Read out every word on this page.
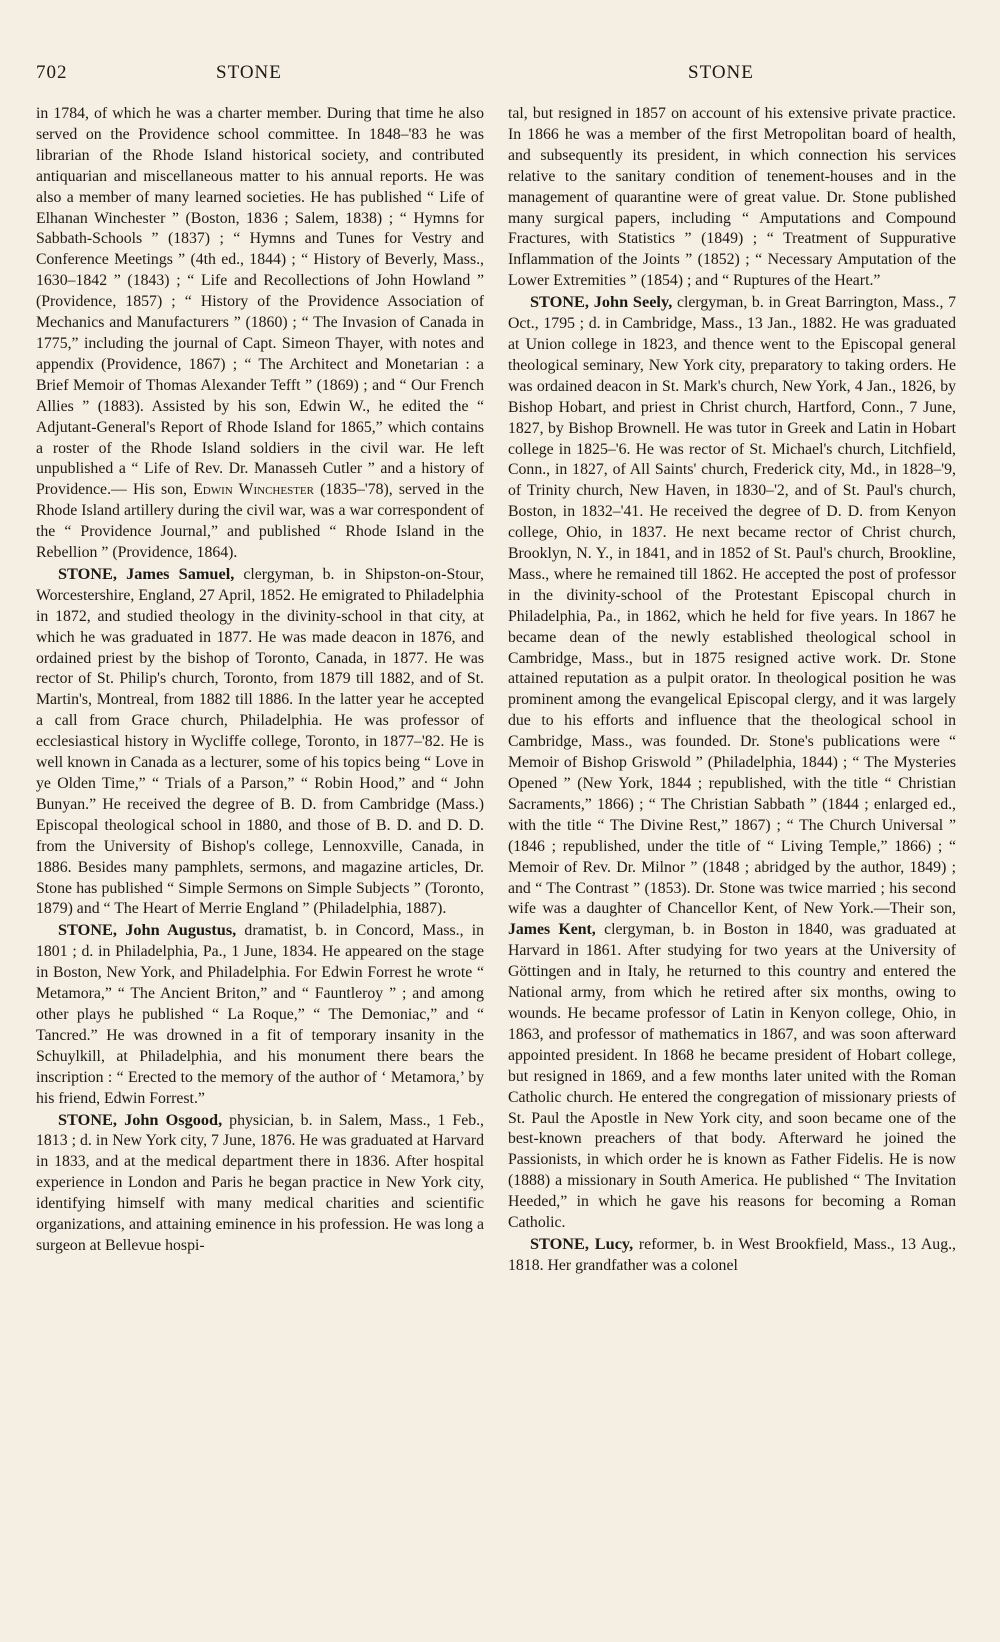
702	STONE	STONE

in 1784, of which he was a charter member. During that time he also served on the Providence school committee. In 1848–'83 he was librarian of the Rhode Island historical society, and contributed antiquarian and miscellaneous matter to his annual reports. He was also a member of many learned societies. He has published “ Life of Elhanan Winchester ” (Boston, 1836 ; Salem, 1838) ; “ Hymns for Sabbath-Schools ” (1837) ; “ Hymns and Tunes for Vestry and Conference Meetings ” (4th ed., 1844) ; “ History of Beverly, Mass., 1630–1842 ” (1843) ; “ Life and Recollections of John Howland ” (Providence, 1857) ; “ History of the Providence Association of Mechanics and Manufacturers ” (1860) ; “ The Invasion of Canada in 1775,” including the journal of Capt. Simeon Thayer, with notes and appendix (Providence, 1867) ; “ The Architect and Monetarian : a Brief Memoir of Thomas Alexander Tefft ” (1869) ; and “ Our French Allies ” (1883). Assisted by his son, Edwin W., he edited the “ Adjutant-General's Report of Rhode Island for 1865,” which contains a roster of the Rhode Island soldiers in the civil war. He left unpublished a “ Life of Rev. Dr. Manasseh Cutler ” and a history of Providence.— His son, Edwin Winchester (1835–'78), served in the Rhode Island artillery during the civil war, was a war correspondent of the “ Providence Journal,” and published “ Rhode Island in the Rebellion ” (Providence, 1864).

STONE, James Samuel, clergyman, b. in Shipston-on-Stour, Worcestershire, England, 27 April, 1852. He emigrated to Philadelphia in 1872, and studied theology in the divinity-school in that city, at which he was graduated in 1877. He was made deacon in 1876, and ordained priest by the bishop of Toronto, Canada, in 1877. He was rector of St. Philip's church, Toronto, from 1879 till 1882, and of St. Martin's, Montreal, from 1882 till 1886. In the latter year he accepted a call from Grace church, Philadelphia. He was professor of ecclesiastical history in Wycliffe college, Toronto, in 1877–'82. He is well known in Canada as a lecturer, some of his topics being “ Love in ye Olden Time,” “ Trials of a Parson,” “ Robin Hood,” and “ John Bunyan.” He received the degree of B. D. from Cambridge (Mass.) Episcopal theological school in 1880, and those of B. D. and D. D. from the University of Bishop's college, Lennoxville, Canada, in 1886. Besides many pamphlets, sermons, and magazine articles, Dr. Stone has published “ Simple Sermons on Simple Subjects ” (Toronto, 1879) and “ The Heart of Merrie England ” (Philadelphia, 1887).

STONE, John Augustus, dramatist, b. in Concord, Mass., in 1801 ; d. in Philadelphia, Pa., 1 June, 1834. He appeared on the stage in Boston, New York, and Philadelphia. For Edwin Forrest he wrote “ Metamora,” “ The Ancient Briton,” and “ Fauntleroy ” ; and among other plays he published “ La Roque,” “ The Demoniac,” and “ Tancred.” He was drowned in a fit of temporary insanity in the Schuylkill, at Philadelphia, and his monument there bears the inscription : “ Erected to the memory of the author of ‘ Metamora,’ by his friend, Edwin Forrest.”

STONE, John Osgood, physician, b. in Salem, Mass., 1 Feb., 1813 ; d. in New York city, 7 June, 1876. He was graduated at Harvard in 1833, and at the medical department there in 1836. After hospital experience in London and Paris he began practice in New York city, identifying himself with many medical charities and scientific organizations, and attaining eminence in his profession. He was long a surgeon at Bellevue hospi-

tal, but resigned in 1857 on account of his extensive private practice. In 1866 he was a member of the first Metropolitan board of health, and subsequently its president, in which connection his services relative to the sanitary condition of tenement-houses and in the management of quarantine were of great value. Dr. Stone published many surgical papers, including “ Amputations and Compound Fractures, with Statistics ” (1849) ; “ Treatment of Suppurative Inflammation of the Joints ” (1852) ; “ Necessary Amputation of the Lower Extremities ” (1854) ; and “ Ruptures of the Heart.”

STONE, John Seely, clergyman, b. in Great Barrington, Mass., 7 Oct., 1795 ; d. in Cambridge, Mass., 13 Jan., 1882. He was graduated at Union college in 1823, and thence went to the Episcopal general theological seminary, New York city, preparatory to taking orders. He was ordained deacon in St. Mark's church, New York, 4 Jan., 1826, by Bishop Hobart, and priest in Christ church, Hartford, Conn., 7 June, 1827, by Bishop Brownell. He was tutor in Greek and Latin in Hobart college in 1825–'6. He was rector of St. Michael's church, Litchfield, Conn., in 1827, of All Saints' church, Frederick city, Md., in 1828–'9, of Trinity church, New Haven, in 1830–'2, and of St. Paul's church, Boston, in 1832–'41. He received the degree of D. D. from Kenyon college, Ohio, in 1837. He next became rector of Christ church, Brooklyn, N. Y., in 1841, and in 1852 of St. Paul's church, Brookline, Mass., where he remained till 1862. He accepted the post of professor in the divinity-school of the Protestant Episcopal church in Philadelphia, Pa., in 1862, which he held for five years. In 1867 he became dean of the newly established theological school in Cambridge, Mass., but in 1875 resigned active work. Dr. Stone attained reputation as a pulpit orator. In theological position he was prominent among the evangelical Episcopal clergy, and it was largely due to his efforts and influence that the theological school in Cambridge, Mass., was founded. Dr. Stone's publications were “ Memoir of Bishop Griswold ” (Philadelphia, 1844) ; “ The Mysteries Opened ” (New York, 1844 ; republished, with the title “ Christian Sacraments,” 1866) ; “ The Christian Sabbath ” (1844 ; enlarged ed., with the title “ The Divine Rest,” 1867) ; “ The Church Universal ” (1846 ; republished, under the title of “ Living Temple,” 1866) ; “ Memoir of Rev. Dr. Milnor ” (1848 ; abridged by the author, 1849) ; and “ The Contrast ” (1853). Dr. Stone was twice married ; his second wife was a daughter of Chancellor Kent, of New York.—Their son, James Kent, clergyman, b. in Boston in 1840, was graduated at Harvard in 1861. After studying for two years at the University of Göttingen and in Italy, he returned to this country and entered the National army, from which he retired after six months, owing to wounds. He became professor of Latin in Kenyon college, Ohio, in 1863, and professor of mathematics in 1867, and was soon afterward appointed president. In 1868 he became president of Hobart college, but resigned in 1869, and a few months later united with the Roman Catholic church. He entered the congregation of missionary priests of St. Paul the Apostle in New York city, and soon became one of the best-known preachers of that body. Afterward he joined the Passionists, in which order he is known as Father Fidelis. He is now (1888) a missionary in South America. He published “ The Invitation Heeded,” in which he gave his reasons for becoming a Roman Catholic.

STONE, Lucy, reformer, b. in West Brookfield, Mass., 13 Aug., 1818. Her grandfather was a colonel
